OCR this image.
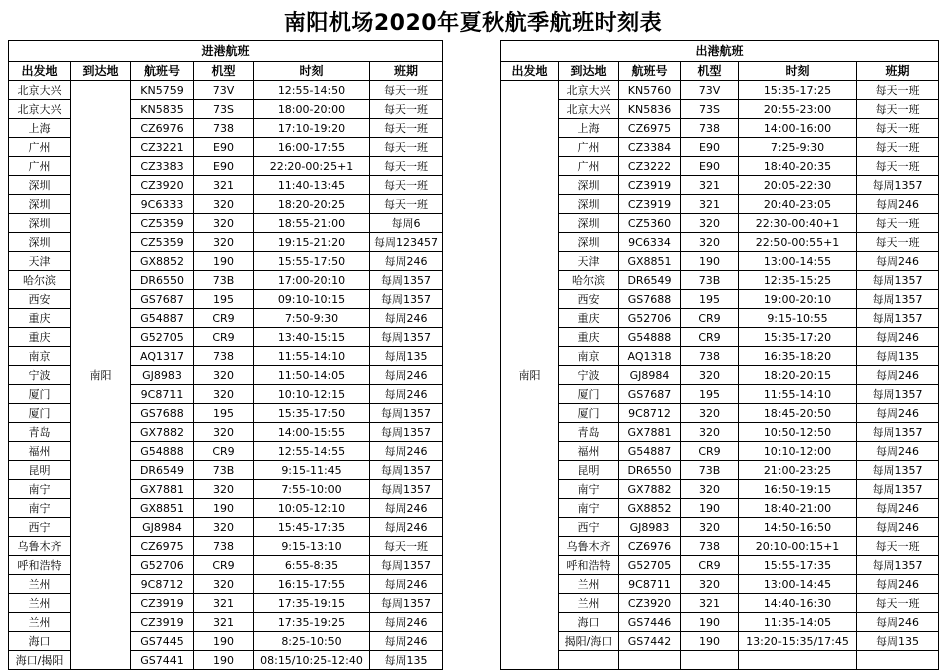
南阳机场2020年夏秋航季航班时刻表
进港航班					
出发地	到达地	航班号	机型	时刻	班期
北京大兴	南阳	KN5759	73V	12:55-14:50	每天一班
北京大兴		KN5835	73S	18:00-20:00	每天一班
上海		CZ6976	738	17:10-19:20	每天一班
广州		CZ3221	E90	16:00-17:55	每天一班
广州		CZ3383	E90	22:20-00:25+1	每天一班
深圳		CZ3920	321	11:40-13:45	每天一班
深圳		9C6333	320	18:20-20:25	每天一班
深圳		CZ5359	320	18:55-21:00	每周6
深圳		CZ5359	320	19:15-21:20	每周123457
天津		GX8852	190	15:55-17:50	每周246
哈尔滨		DR6550	73B	17:00-20:10	每周1357
西安		GS7687	195	09:10-10:15	每周1357
重庆		G54887	CR9	7:50-9:30	每周246
重庆		G52705	CR9	13:40-15:15	每周1357
南京		AQ1317	738	11:55-14:10	每周135
宁波		GJ8983	320	11:50-14:05	每周246
厦门		9C8711	320	10:10-12:15	每周246
厦门		GS7688	195	15:35-17:50	每周1357
青岛		GX7882	320	14:00-15:55	每周1357
福州		G54888	CR9	12:55-14:55	每周246
昆明		DR6549	73B	9:15-11:45	每周1357
南宁		GX7881	320	7:55-10:00	每周1357
南宁		GX8851	190	10:05-12:10	每周246
西宁		GJ8984	320	15:45-17:35	每周246
乌鲁木齐		CZ6975	738	9:15-13:10	每天一班
呼和浩特		G52706	CR9	6:55-8:35	每周1357
兰州		9C8712	320	16:15-17:55	每周246
兰州		CZ3919	321	17:35-19:15	每周1357
兰州		CZ3919	321	17:35-19:25	每周246
海口		GS7445	190	8:25-10:50	每周246
海口/揭阳		GS7441	190	08:15/10:25-12:40	每周135
出港航班					
出发地	到达地	航班号	机型	时刻	班期
南阳	北京大兴	KN5760	73V	15:35-17:25	每天一班
	北京大兴	KN5836	73S	20:55-23:00	每天一班
	上海	CZ6975	738	14:00-16:00	每天一班
	广州	CZ3384	E90	7:25-9:30	每天一班
	广州	CZ3222	E90	18:40-20:35	每天一班
	深圳	CZ3919	321	20:05-22:30	每周1357
	深圳	CZ3919	321	20:40-23:05	每周246
	深圳	CZ5360	320	22:30-00:40+1	每天一班
	深圳	9C6334	320	22:50-00:55+1	每天一班
	天津	GX8851	190	13:00-14:55	每周246
	哈尔滨	DR6549	73B	12:35-15:25	每周1357
	西安	GS7688	195	19:00-20:10	每周1357
	重庆	G52706	CR9	9:15-10:55	每周1357
	重庆	G54888	CR9	15:35-17:20	每周246
	南京	AQ1318	738	16:35-18:20	每周135
	宁波	GJ8984	320	18:20-20:15	每周246
	厦门	GS7687	195	11:55-14:10	每周1357
	厦门	9C8712	320	18:45-20:50	每周246
	青岛	GX7881	320	10:50-12:50	每周1357
	福州	G54887	CR9	10:10-12:00	每周246
	昆明	DR6550	73B	21:00-23:25	每周1357
	南宁	GX7882	320	16:50-19:15	每周1357
	南宁	GX8852	190	18:40-21:00	每周246
	西宁	GJ8983	320	14:50-16:50	每周246
	乌鲁木齐	CZ6976	738	20:10-00:15+1	每天一班
	呼和浩特	G52705	CR9	15:55-17:35	每周1357
	兰州	9C8711	320	13:00-14:45	每周246
	兰州	CZ3920	321	14:40-16:30	每天一班
	海口	GS7446	190	11:35-14:05	每周246
	揭阳/海口	GS7442	190	13:20-15:35/17:45	每周135
